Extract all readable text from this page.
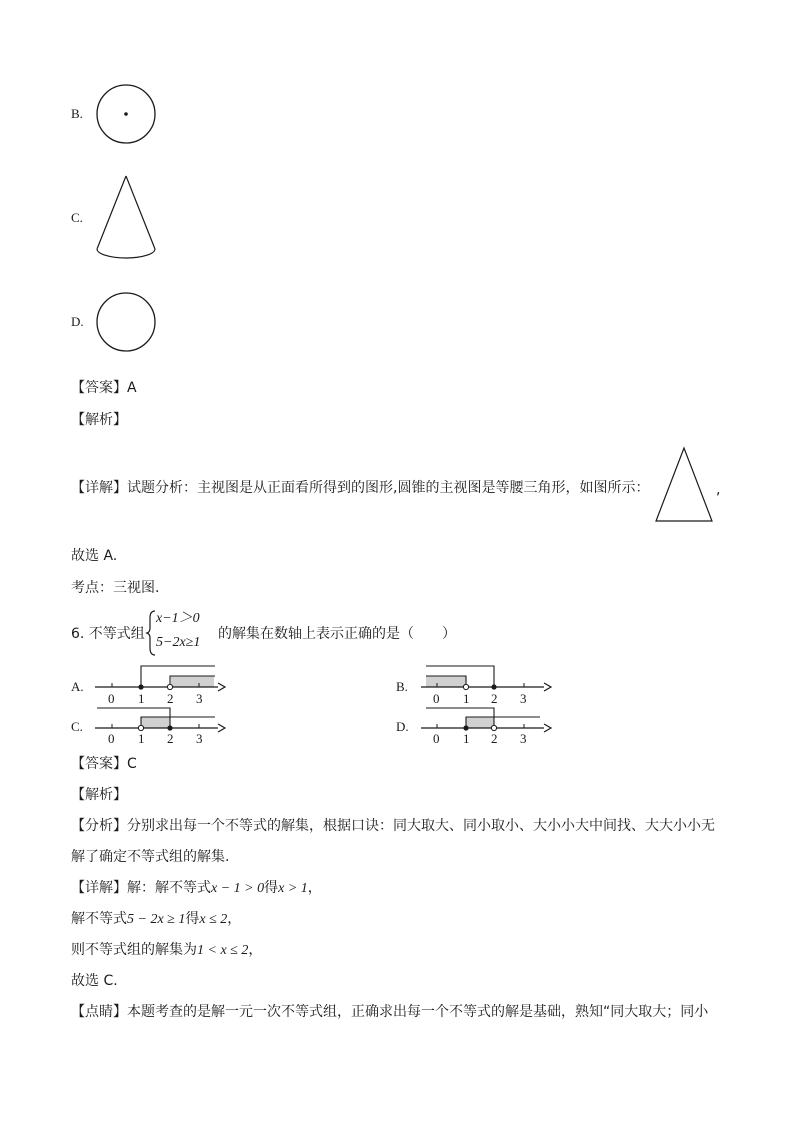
B.
C.
D.
【答案】A
【解析】
【详解】试题分析：主视图是从正面看所得到的图形,圆锥的主视图是等腰三角形，如图所示：	,
故选 A.
考点：三视图.
6. 不等式组
x−1＞0
5−2x≥1
的解集在数轴上表示正确的是（　　）
A.
0 1 2 3
B.
0 1 2 3
C.
0 1 2 3
D.
0 1 2 3
【答案】C
【解析】
【分析】分别求出每一个不等式的解集，根据口诀：同大取大、同小取小、大小小大中间找、大大小小无
解了确定不等式组的解集.
【详解】解：解不等式x − 1 > 0得x > 1，
解不等式5 − 2x ≥ 1得x ≤ 2，
则不等式组的解集为1 < x ≤ 2，
故选 C.
【点睛】本题考查的是解一元一次不等式组，正确求出每一个不等式的解是基础，熟知“同大取大；同小
